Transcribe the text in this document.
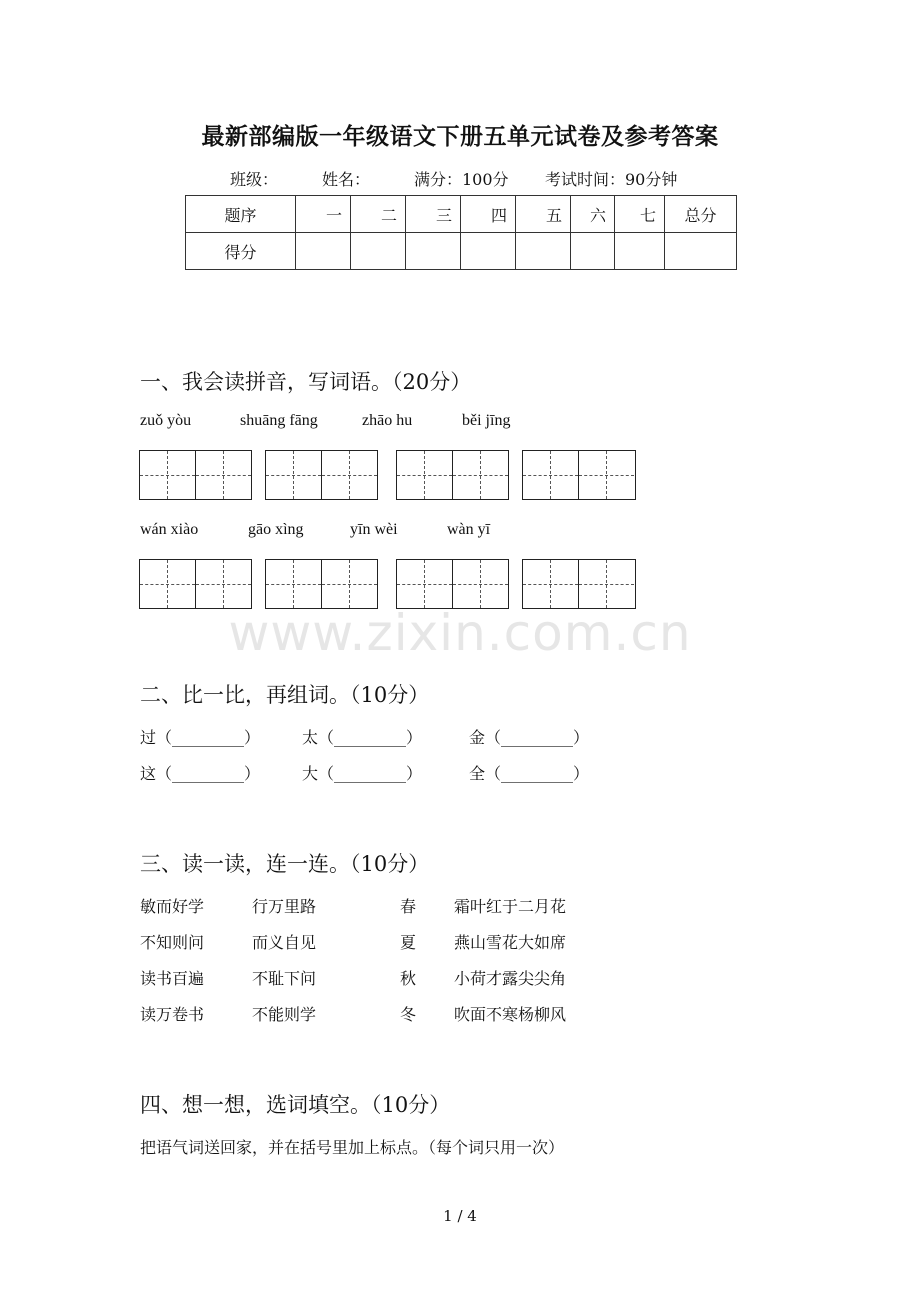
最新部编版一年级语文下册五单元试卷及参考答案
班级：	姓名：	满分：100分 考试时间：90分钟
题序	一	二	三	四	五	六	七	总分
得分								
一、我会读拼音，写词语。（20分）
zuǒ yòu	shuāng fāng	zhāo hu	běi jīng
wán xiào	gāo xìng	yīn wèi	wàn yī
www.zixin.com.cn
二、比一比，再组词。（10分）
过（_________）	太（_________）	金（_________）
这（_________）	大（_________）	全（_________）
三、读一读，连一连。（10分）
敏而好学	行万里路	春 霜叶红于二月花
不知则问	而义自见	夏 燕山雪花大如席
读书百遍	不耻下问	秋 小荷才露尖尖角
读万卷书	不能则学	冬 吹面不寒杨柳风
四、想一想，选词填空。（10分）
把语气词送回家，并在括号里加上标点。（每个词只用一次）
1 / 4
